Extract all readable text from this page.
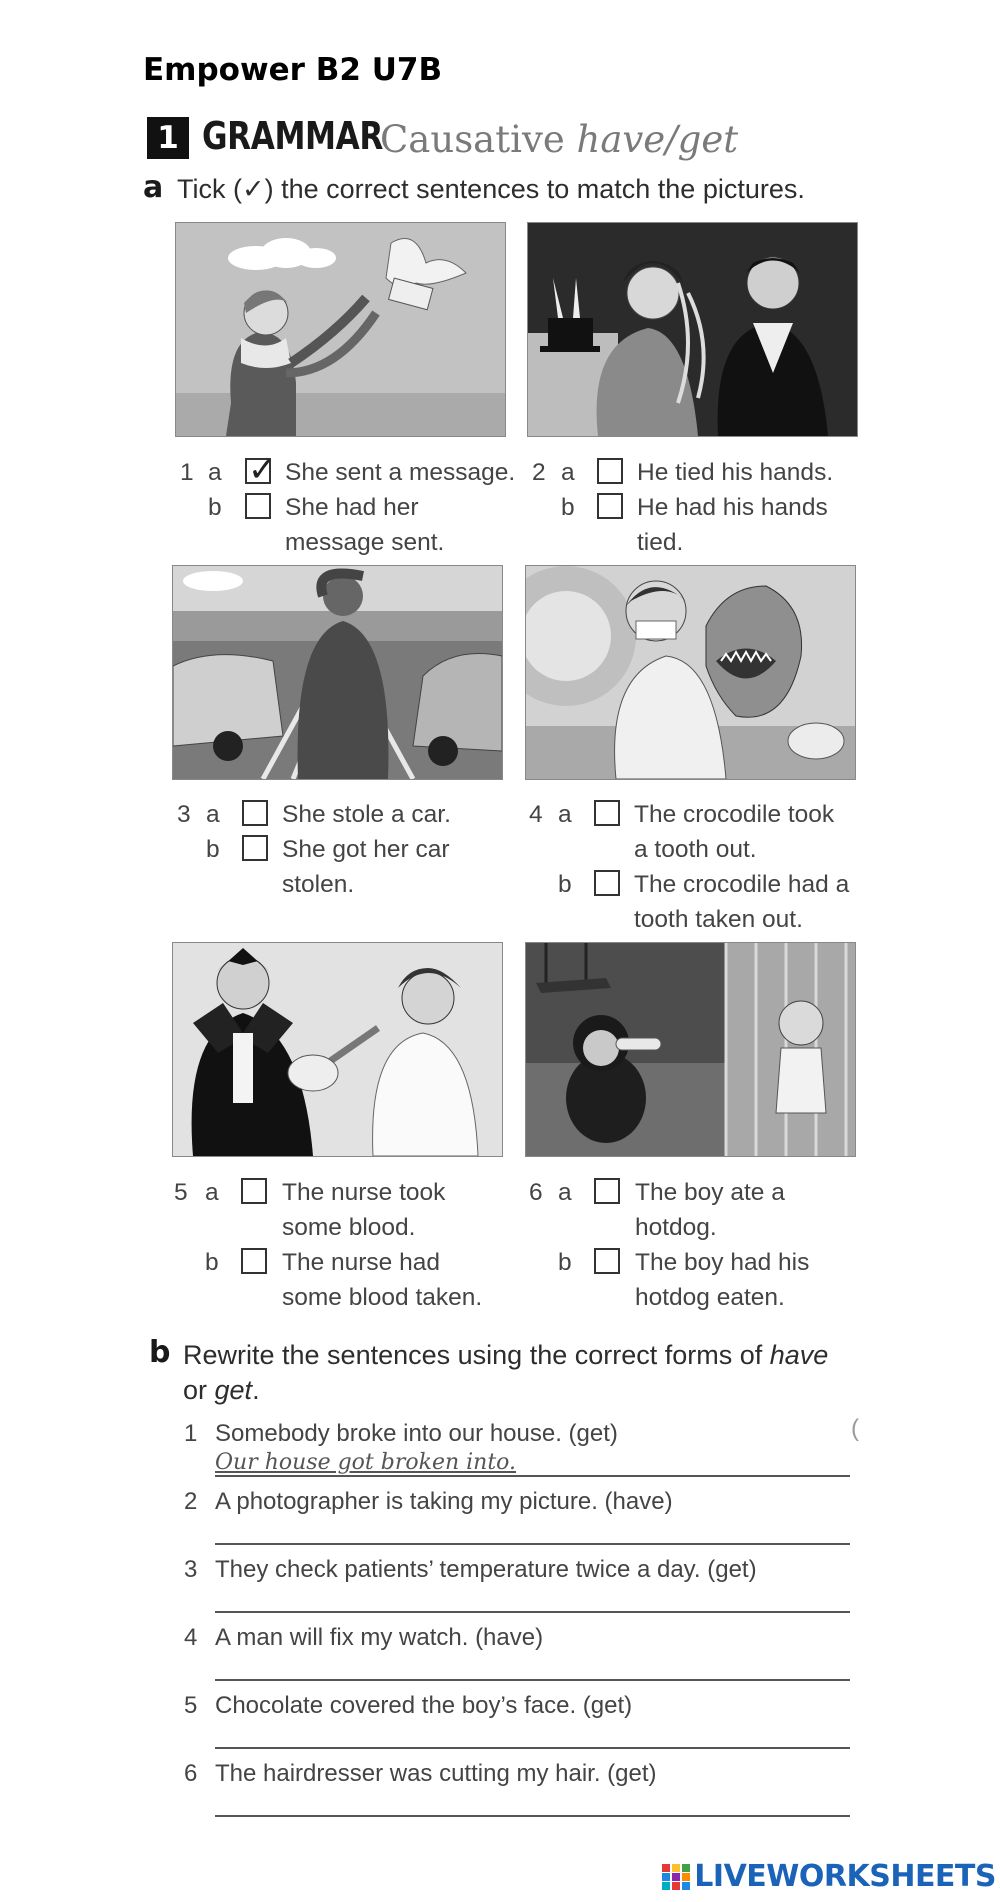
Empower B2 U7B
1 GRAMMAR
Causative have/get
a Tick (✓) the correct sentences to match the pictures.
1 a
✓	She sent a message.
b	She had her
message sent.
2 a	He tied his hands.
b	He had his hands
tied.
3 a	She stole a car.
b	She got her car
stolen.
4 a	The crocodile took
a tooth out.
b	The crocodile had a
tooth taken out.
5 a	The nurse took
some blood.
b	The nurse had
some blood taken.
6 a	The boy ate a
hotdog.
b	The boy had his
hotdog eaten.
b Rewrite the sentences using the correct forms of have
or get.
1 Somebody broke into our house. (get)	(
Our house got broken into.
2 A photographer is taking my picture. (have)
3 They check patients’ temperature twice a day. (get)
4 A man will fix my watch. (have)
5 Chocolate covered the boy’s face. (get)
6 The hairdresser was cutting my hair. (get)
LIVEWORKSHEETS
